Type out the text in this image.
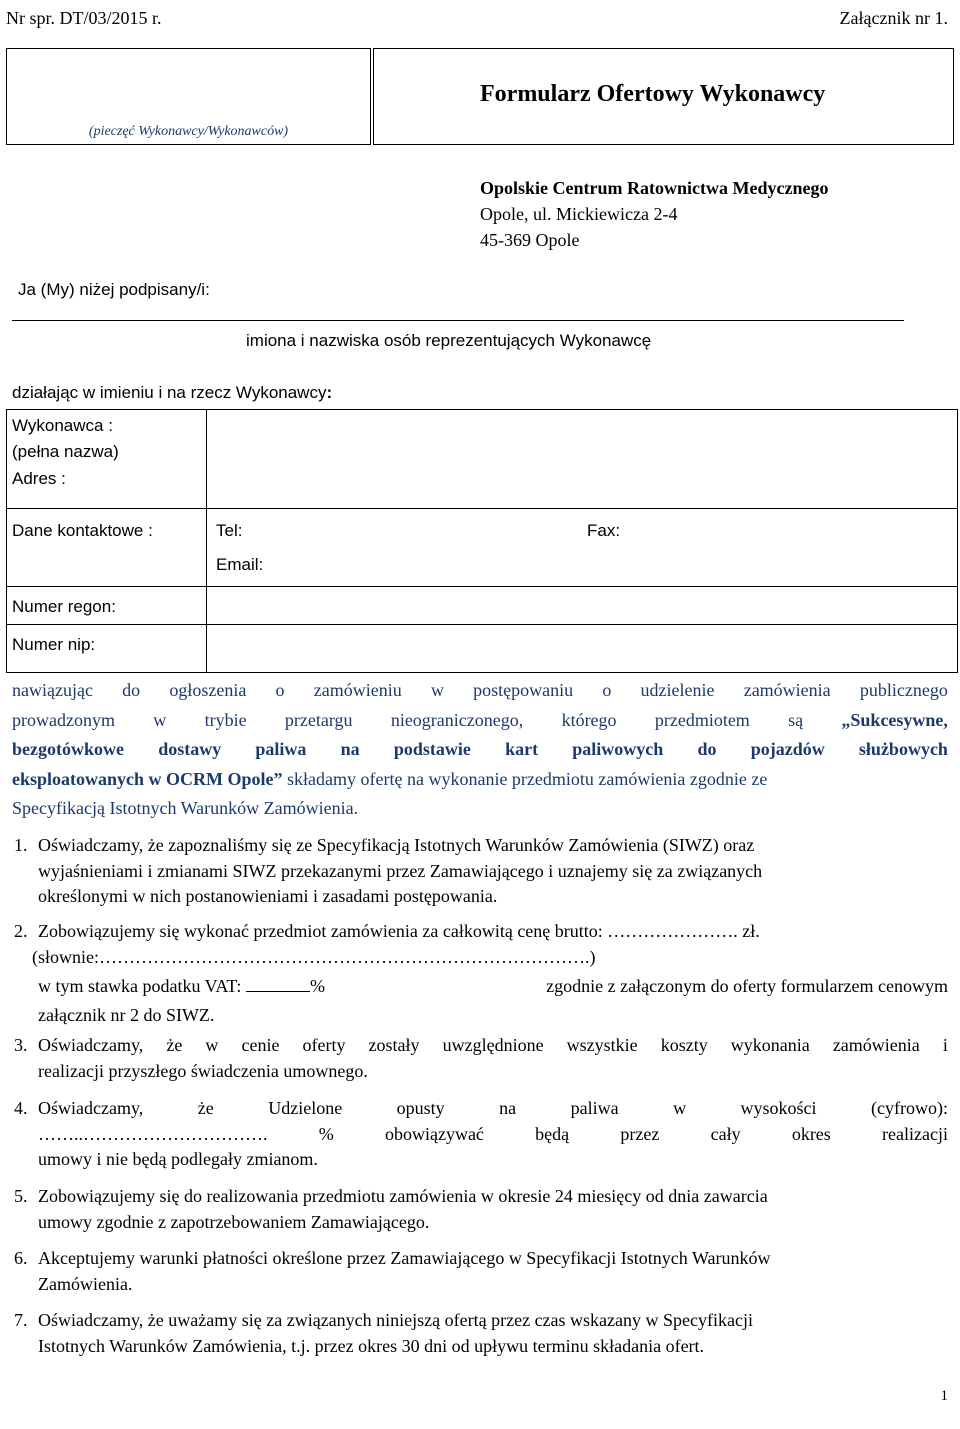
Nr spr. DT/03/2015 r.	Załącznik nr 1.
(pieczęć Wykonawcy/Wykonawców)
Formularz Ofertowy Wykonawcy
Opolskie Centrum Ratownictwa Medycznego
Opole, ul. Mickiewicza 2-4
45-369 Opole
Ja (My) niżej podpisany/i:
imiona i nazwiska osób reprezentujących Wykonawcę
działając w imieniu i na rzecz Wykonawcy:
Wykonawca :
(pełna nazwa)
Adres :
Dane kontaktowe :	Tel:	Fax:
Email:
Numer regon:
Numer nip:
nawiązując do ogłoszenia o zamówieniu w postępowaniu o udzielenie zamówienia publicznego
prowadzonym w trybie przetargu nieograniczonego, którego przedmiotem są „Sukcesywne,
bezgotówkowe dostawy paliwa na podstawie kart paliwowych do pojazdów służbowych
eksploatowanych w OCRM Opole” składamy ofertę na wykonanie przedmiotu zamówienia zgodnie ze
Specyfikacją Istotnych Warunków Zamówienia.
1. Oświadczamy, że zapoznaliśmy się ze Specyfikacją Istotnych Warunków Zamówienia (SIWZ) oraz
wyjaśnieniami i zmianami SIWZ przekazanymi przez Zamawiającego i uznajemy się za związanych
określonymi w nich postanowieniami i zasadami postępowania.
2. Zobowiązujemy się wykonać przedmiot zamówienia za całkowitą cenę brutto: …………………. zł.
(słownie:……………………………………………………………………….)
w tym stawka podatku VAT:	%	zgodnie z załączonym do oferty formularzem cenowym
załącznik nr 2 do SIWZ.
3. Oświadczamy, że w cenie oferty zostały uwzględnione wszystkie koszty wykonania zamówienia i
realizacji przyszłego świadczenia umownego.
4. Oświadczamy,	że	Udzielone	opusty	na	paliwa	w	wysokości	(cyfrowo):
……..………………………….	%	obowiązywać	będą	przez	cały	okres	realizacji
umowy i nie będą podlegały zmianom.
5. Zobowiązujemy się do realizowania przedmiotu zamówienia w okresie 24 miesięcy od dnia zawarcia
umowy zgodnie z zapotrzebowaniem Zamawiającego.
6. Akceptujemy warunki płatności określone przez Zamawiającego w Specyfikacji Istotnych Warunków
Zamówienia.
7. Oświadczamy, że uważamy się za związanych niniejszą ofertą przez czas wskazany w Specyfikacji
Istotnych Warunków Zamówienia, t.j. przez okres 30 dni od upływu terminu składania ofert.
1
